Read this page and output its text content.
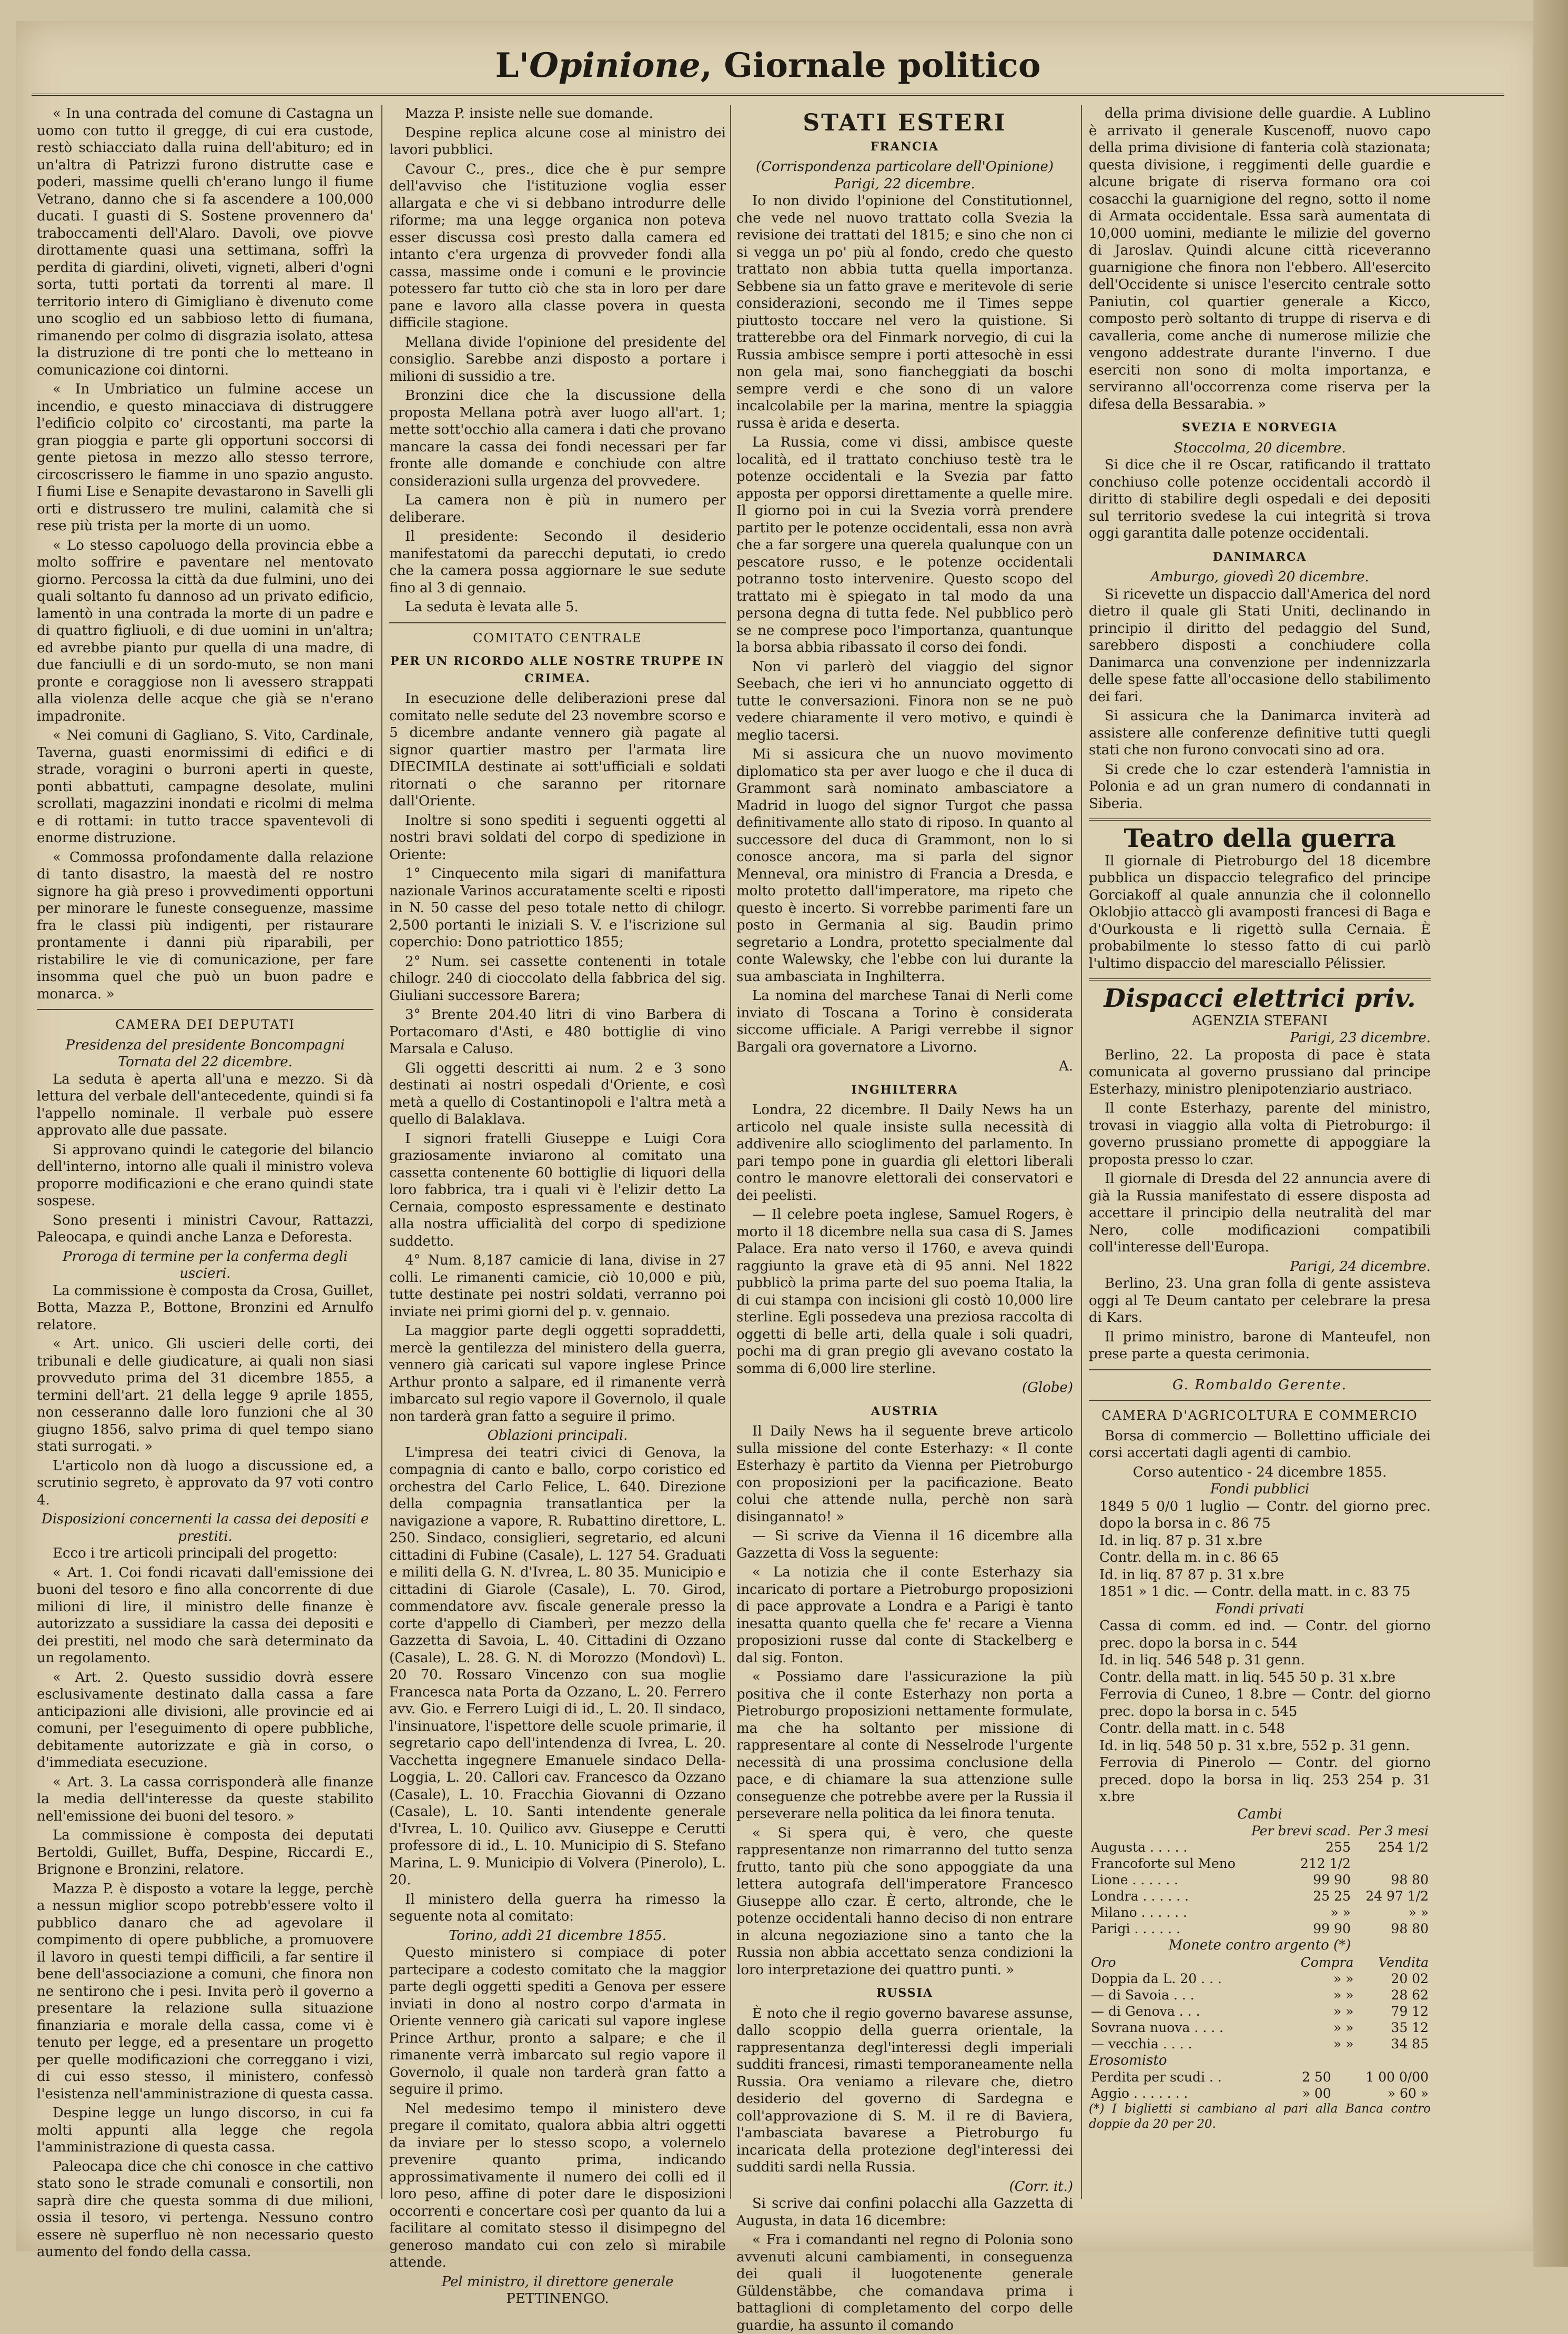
L'Opinione, Giornale politico

« In una contrada del comune di Castagna un uomo con tutto il gregge, di cui era custode, restò schiacciato dalla ruina dell'abituro; ed in un'altra di Patrizzi furono distrutte case e poderi, massime quelli ch'erano lungo il fiume Vetrano, danno che si fa ascendere a 100,000 ducati. I guasti di S. Sostene provennero da' traboccamenti dell'Alaro. Davoli, ove piovve dirottamente quasi una settimana, soffrì la perdita di giardini, oliveti, vigneti, alberi d'ogni sorta, tutti portati da torrenti al mare. Il territorio intero di Gimigliano è divenuto come uno scoglio ed un sabbioso letto di fiumana, rimanendo per colmo di disgrazia isolato, attesa la distruzione di tre ponti che lo metteano in comunicazione coi dintorni.

« In Umbriatico un fulmine accese un incendio, e questo minacciava di distruggere l'edificio colpito co' circostanti, ma parte la gran pioggia e parte gli opportuni soccorsi di gente pietosa in mezzo allo stesso terrore, circoscrissero le fiamme in uno spazio angusto. I fiumi Lise e Senapite devastarono in Savelli gli orti e distrussero tre mulini, calamità che si rese più trista per la morte di un uomo.

« Lo stesso capoluogo della provincia ebbe a molto soffrire e paventare nel mentovato giorno. Percossa la città da due fulmini, uno dei quali soltanto fu dannoso ad un privato edificio, lamentò in una contrada la morte di un padre e di quattro figliuoli, e di due uomini in un'altra; ed avrebbe pianto pur quella di una madre, di due fanciulli e di un sordo-muto, se non mani pronte e coraggiose non li avessero strappati alla violenza delle acque che già se n'erano impadronite.

« Nei comuni di Gagliano, S. Vito, Cardinale, Taverna, guasti enormissimi di edifici e di strade, voragini o burroni aperti in queste, ponti abbattuti, campagne desolate, mulini scrollati, magazzini inondati e ricolmi di melma e di rottami: in tutto tracce spaventevoli di enorme distruzione.

« Commossa profondamente dalla relazione di tanto disastro, la maestà del re nostro signore ha già preso i provvedimenti opportuni per minorare le funeste conseguenze, massime fra le classi più indigenti, per ristaurare prontamente i danni più riparabili, per ristabilire le vie di comunicazione, per fare insomma quel che può un buon padre e monarca. »

CAMERA DEI DEPUTATI
Presidenza del presidente Boncompagni
Tornata del 22 dicembre.

La seduta è aperta all'una e mezzo. Si dà lettura del verbale dell'antecedente, quindi si fa l'appello nominale. Il verbale può essere approvato alle due passate.

Si approvano quindi le categorie del bilancio dell'interno, intorno alle quali il ministro voleva proporre modificazioni e che erano quindi state sospese.

Sono presenti i ministri Cavour, Rattazzi, Paleocapa, e quindi anche Lanza e Deforesta.

Proroga di termine per la conferma degli uscieri.

La commissione è composta da Crosa, Guillet, Botta, Mazza P., Bottone, Bronzini ed Arnulfo relatore.

« Art. unico. Gli uscieri delle corti, dei tribunali e delle giudicature, ai quali non siasi provveduto prima del 31 dicembre 1855, a termini dell'art. 21 della legge 9 aprile 1855, non cesseranno dalle loro funzioni che al 30 giugno 1856, salvo prima di quel tempo siano stati surrogati. »

L'articolo non dà luogo a discussione ed, a scrutinio segreto, è approvato da 97 voti contro 4.

Disposizioni concernenti la cassa dei depositi e prestiti.

Ecco i tre articoli principali del progetto:

« Art. 1. Coi fondi ricavati dall'emissione dei buoni del tesoro e fino alla concorrente di due milioni di lire, il ministro delle finanze è autorizzato a sussidiare la cassa dei depositi e dei prestiti, nel modo che sarà determinato da un regolamento.

« Art. 2. Questo sussidio dovrà essere esclusivamente destinato dalla cassa a fare anticipazioni alle divisioni, alle provincie ed ai comuni, per l'eseguimento di opere pubbliche, debitamente autorizzate e già in corso, o d'immediata esecuzione.

« Art. 3. La cassa corrisponderà alle finanze la media dell'interesse da queste stabilito nell'emissione dei buoni del tesoro. »

La commissione è composta dei deputati Bertoldi, Guillet, Buffa, Despine, Riccardi E., Brignone e Bronzini, relatore.

Mazza P. è disposto a votare la legge, perchè a nessun miglior scopo potrebb'essere volto il pubblico danaro che ad agevolare il compimento di opere pubbliche, a promuovere il lavoro in questi tempi difficili, a far sentire il bene dell'associazione a comuni, che finora non ne sentirono che i pesi. Invita però il governo a presentare la relazione sulla situazione finanziaria e morale della cassa, come vi è tenuto per legge, ed a presentare un progetto per quelle modificazioni che correggano i vizi, di cui esso stesso, il ministero, confessò l'esistenza nell'amministrazione di questa cassa.

Despine legge un lungo discorso, in cui fa molti appunti alla legge che regola l'amministrazione di questa cassa.

Paleocapa dice che chi conosce in che cattivo stato sono le strade comunali e consortili, non saprà dire che questa somma di due milioni, ossia il tesoro, vi pertenga. Nessuno contro essere nè superfluo nè non necessario questo aumento del fondo della cassa.

Mazza P. insiste nelle sue domande.

Despine replica alcune cose al ministro dei lavori pubblici.

Cavour C., pres., dice che è pur sempre dell'avviso che l'istituzione voglia esser allargata e che vi si debbano introdurre delle riforme; ma una legge organica non poteva esser discussa così presto dalla camera ed intanto c'era urgenza di provveder fondi alla cassa, massime onde i comuni e le provincie potessero far tutto ciò che sta in loro per dare pane e lavoro alla classe povera in questa difficile stagione.

Mellana divide l'opinione del presidente del consiglio. Sarebbe anzi disposto a portare i milioni di sussidio a tre.

Bronzini dice che la discussione della proposta Mellana potrà aver luogo all'art. 1; mette sott'occhio alla camera i dati che provano mancare la cassa dei fondi necessari per far fronte alle domande e conchiude con altre considerazioni sulla urgenza del provvedere.

La camera non è più in numero per deliberare.

Il presidente: Secondo il desiderio manifestatomi da parecchi deputati, io credo che la camera possa aggiornare le sue sedute fino al 3 di gennaio.

La seduta è levata alle 5.

COMITATO CENTRALE
PER UN RICORDO ALLE NOSTRE TRUPPE IN CRIMEA.

In esecuzione delle deliberazioni prese dal comitato nelle sedute del 23 novembre scorso e 5 dicembre andante vennero già pagate al signor quartier mastro per l'armata lire DIECIMILA destinate ai sott'ufficiali e soldati ritornati o che saranno per ritornare dall'Oriente.

Inoltre si sono spediti i seguenti oggetti al nostri bravi soldati del corpo di spedizione in Oriente:

1° Cinquecento mila sigari di manifattura nazionale Varinos accuratamente scelti e riposti in N. 50 casse del peso totale netto di chilogr. 2,500 portanti le iniziali S. V. e l'iscrizione sul coperchio: Dono patriottico 1855;

2° Num. sei cassette contenenti in totale chilogr. 240 di cioccolato della fabbrica del sig. Giuliani successore Barera;

3° Brente 204.40 litri di vino Barbera di Portacomaro d'Asti, e 480 bottiglie di vino Marsala e Caluso.

Gli oggetti descritti ai num. 2 e 3 sono destinati ai nostri ospedali d'Oriente, e così metà a quello di Costantinopoli e l'altra metà a quello di Balaklava.

I signori fratelli Giuseppe e Luigi Cora graziosamente inviarono al comitato una cassetta contenente 60 bottiglie di liquori della loro fabbrica, tra i quali vi è l'elizir detto La Cernaia, composto espressamente e destinato alla nostra ufficialità del corpo di spedizione suddetto.

4° Num. 8,187 camicie di lana, divise in 27 colli. Le rimanenti camicie, ciò 10,000 e più, tutte destinate pei nostri soldati, verranno poi inviate nei primi giorni del p. v. gennaio.

La maggior parte degli oggetti sopraddetti, mercè la gentilezza del ministero della guerra, vennero già caricati sul vapore inglese Prince Arthur pronto a salpare, ed il rimanente verrà imbarcato sul regio vapore il Governolo, il quale non tarderà gran fatto a seguire il primo.

Oblazioni principali.

L'impresa dei teatri civici di Genova, la compagnia di canto e ballo, corpo coristico ed orchestra del Carlo Felice, L. 640. Direzione della compagnia transatlantica per la navigazione a vapore, R. Rubattino direttore, L. 250. Sindaco, consiglieri, segretario, ed alcuni cittadini di Fubine (Casale), L. 127 54. Graduati e militi della G. N. d'Ivrea, L. 80 35. Municipio e cittadini di Giarole (Casale), L. 70. Girod, commendatore avv. fiscale generale presso la corte d'appello di Ciamberì, per mezzo della Gazzetta di Savoia, L. 40. Cittadini di Ozzano (Casale), L. 28. G. N. di Morozzo (Mondovì) L. 20 70. Rossaro Vincenzo con sua moglie Francesca nata Porta da Ozzano, L. 20. Ferrero avv. Gio. e Ferrero Luigi di id., L. 20. Il sindaco, l'insinuatore, l'ispettore delle scuole primarie, il segretario capo dell'intendenza di Ivrea, L. 20. Vacchetta ingegnere Emanuele sindaco Della-Loggia, L. 20. Callori cav. Francesco da Ozzano (Casale), L. 10. Fracchia Giovanni di Ozzano (Casale), L. 10. Santi intendente generale d'Ivrea, L. 10. Quilico avv. Giuseppe e Cerutti professore di id., L. 10. Municipio di S. Stefano Marina, L. 9. Municipio di Volvera (Pinerolo), L. 20.

Il ministero della guerra ha rimesso la seguente nota al comitato:

Torino, addì 21 dicembre 1855.

Questo ministero si compiace di poter partecipare a codesto comitato che la maggior parte degli oggetti spediti a Genova per essere inviati in dono al nostro corpo d'armata in Oriente vennero già caricati sul vapore inglese Prince Arthur, pronto a salpare; e che il rimanente verrà imbarcato sul regio vapore il Governolo, il quale non tarderà gran fatto a seguire il primo.

Nel medesimo tempo il ministero deve pregare il comitato, qualora abbia altri oggetti da inviare per lo stesso scopo, a volernelo prevenire quanto prima, indicando approssimativamente il numero dei colli ed il loro peso, affine di poter dare le disposizioni occorrenti e concertare così per quanto da lui a facilitare al comitato stesso il disimpegno del generoso mandato cui con zelo sì mirabile attende.

Pel ministro, il direttore generale
PETTINENGO.
STATI ESTERI
FRANCIA
(Corrispondenza particolare dell'Opinione)
Parigi, 22 dicembre.

Io non divido l'opinione del Constitutionnel, che vede nel nuovo trattato colla Svezia la revisione dei trattati del 1815; e sino che non ci si vegga un po' più al fondo, credo che questo trattato non abbia tutta quella importanza. Sebbene sia un fatto grave e meritevole di serie considerazioni, secondo me il Times seppe piuttosto toccare nel vero la quistione. Si tratterebbe ora del Finmark norvegio, di cui la Russia ambisce sempre i porti attesochè in essi non gela mai, sono fiancheggiati da boschi sempre verdi e che sono di un valore incalcolabile per la marina, mentre la spiaggia russa è arida e deserta.

La Russia, come vi dissi, ambisce queste località, ed il trattato conchiuso testè tra le potenze occidentali e la Svezia par fatto apposta per opporsi direttamente a quelle mire. Il giorno poi in cui la Svezia vorrà prendere partito per le potenze occidentali, essa non avrà che a far sorgere una querela qualunque con un pescatore russo, e le potenze occidentali potranno tosto intervenire. Questo scopo del trattato mi è spiegato in tal modo da una persona degna di tutta fede. Nel pubblico però se ne comprese poco l'importanza, quantunque la borsa abbia ribassato il corso dei fondi.

Non vi parlerò del viaggio del signor Seebach, che ieri vi ho annunciato oggetto di tutte le conversazioni. Finora non se ne può vedere chiaramente il vero motivo, e quindi è meglio tacersi.

Mi si assicura che un nuovo movimento diplomatico sta per aver luogo e che il duca di Grammont sarà nominato ambasciatore a Madrid in luogo del signor Turgot che passa definitivamente allo stato di riposo. In quanto al successore del duca di Grammont, non lo si conosce ancora, ma si parla del signor Menneval, ora ministro di Francia a Dresda, e molto protetto dall'imperatore, ma ripeto che questo è incerto. Si vorrebbe parimenti fare un posto in Germania al sig. Baudin primo segretario a Londra, protetto specialmente dal conte Walewsky, che l'ebbe con lui durante la sua ambasciata in Inghilterra.

La nomina del marchese Tanai di Nerli come inviato di Toscana a Torino è considerata siccome ufficiale. A Parigi verrebbe il signor Bargali ora governatore a Livorno.

A.
INGHILTERRA

Londra, 22 dicembre. Il Daily News ha un articolo nel quale insiste sulla necessità di addivenire allo scioglimento del parlamento. In pari tempo pone in guardia gli elettori liberali contro le manovre elettorali dei conservatori e dei peelisti.

— Il celebre poeta inglese, Samuel Rogers, è morto il 18 dicembre nella sua casa di S. James Palace. Era nato verso il 1760, e aveva quindi raggiunto la grave età di 95 anni. Nel 1822 pubblicò la prima parte del suo poema Italia, la di cui stampa con incisioni gli costò 10,000 lire sterline. Egli possedeva una preziosa raccolta di oggetti di belle arti, della quale i soli quadri, pochi ma di gran pregio gli avevano costato la somma di 6,000 lire sterline.

(Globe)
AUSTRIA

Il Daily News ha il seguente breve articolo sulla missione del conte Esterhazy: « Il conte Esterhazy è partito da Vienna per Pietroburgo con proposizioni per la pacificazione. Beato colui che attende nulla, perchè non sarà disingannato! »

— Si scrive da Vienna il 16 dicembre alla Gazzetta di Voss la seguente:

« La notizia che il conte Esterhazy sia incaricato di portare a Pietroburgo proposizioni di pace approvate a Londra e a Parigi è tanto inesatta quanto quella che fe' recare a Vienna proposizioni russe dal conte di Stackelberg e dal sig. Fonton.

« Possiamo dare l'assicurazione la più positiva che il conte Esterhazy non porta a Pietroburgo proposizioni nettamente formulate, ma che ha soltanto per missione di rappresentare al conte di Nesselrode l'urgente necessità di una prossima conclusione della pace, e di chiamare la sua attenzione sulle conseguenze che potrebbe avere per la Russia il perseverare nella politica da lei finora tenuta.

« Si spera qui, è vero, che queste rappresentanze non rimarranno del tutto senza frutto, tanto più che sono appoggiate da una lettera autografa dell'imperatore Francesco Giuseppe allo czar. È certo, altronde, che le potenze occidentali hanno deciso di non entrare in alcuna negoziazione sino a tanto che la Russia non abbia accettato senza condizioni la loro interpretazione dei quattro punti. »

RUSSIA

È noto che il regio governo bavarese assunse, dallo scoppio della guerra orientale, la rappresentanza degl'interessi degli imperiali sudditi francesi, rimasti temporaneamente nella Russia. Ora veniamo a rilevare che, dietro desiderio del governo di Sardegna e coll'approvazione di S. M. il re di Baviera, l'ambasciata bavarese a Pietroburgo fu incaricata della protezione degl'interessi dei sudditi sardi nella Russia.

(Corr. it.)

Si scrive dai confini polacchi alla Gazzetta di Augusta, in data 16 dicembre:

« Fra i comandanti nel regno di Polonia sono avvenuti alcuni cambiamenti, in conseguenza dei quali il luogotenente generale Güldenstäbbe, che comandava prima i battaglioni di completamento del corpo delle guardie, ha assunto il comando

della prima divisione delle guardie. A Lublino è arrivato il generale Kuscenoff, nuovo capo della prima divisione di fanteria colà stazionata; questa divisione, i reggimenti delle guardie e alcune brigate di riserva formano ora coi cosacchi la guarnigione del regno, sotto il nome di Armata occidentale. Essa sarà aumentata di 10,000 uomini, mediante le milizie del governo di Jaroslav. Quindi alcune città riceveranno guarnigione che finora non l'ebbero. All'esercito dell'Occidente si unisce l'esercito centrale sotto Paniutin, col quartier generale a Kicco, composto però soltanto di truppe di riserva e di cavalleria, come anche di numerose milizie che vengono addestrate durante l'inverno. I due eserciti non sono di molta importanza, e serviranno all'occorrenza come riserva per la difesa della Bessarabia. »

SVEZIA E NORVEGIA
Stoccolma, 20 dicembre.

Si dice che il re Oscar, ratificando il trattato conchiuso colle potenze occidentali accordò il diritto di stabilire degli ospedali e dei depositi sul territorio svedese la cui integrità si trova oggi garantita dalle potenze occidentali.

DANIMARCA
Amburgo, giovedì 20 dicembre.

Si ricevette un dispaccio dall'America del nord dietro il quale gli Stati Uniti, declinando in principio il diritto del pedaggio del Sund, sarebbero disposti a conchiudere colla Danimarca una convenzione per indennizzarla delle spese fatte all'occasione dello stabilimento dei fari.

Si assicura che la Danimarca inviterà ad assistere alle conferenze definitive tutti quegli stati che non furono convocati sino ad ora.

Si crede che lo czar estenderà l'amnistia in Polonia e ad un gran numero di condannati in Siberia.

Teatro della guerra

Il giornale di Pietroburgo del 18 dicembre pubblica un dispaccio telegrafico del principe Gorciakoff al quale annunzia che il colonnello Oklobjio attaccò gli avamposti francesi di Baga e d'Ourkousta e li rigettò sulla Cernaia. È probabilmente lo stesso fatto di cui parlò l'ultimo dispaccio del maresciallo Pélissier.

Dispacci elettrici priv.
AGENZIA STEFANI
Parigi, 23 dicembre.

Berlino, 22. La proposta di pace è stata comunicata al governo prussiano dal principe Esterhazy, ministro plenipotenziario austriaco.

Il conte Esterhazy, parente del ministro, trovasi in viaggio alla volta di Pietroburgo: il governo prussiano promette di appoggiare la proposta presso lo czar.

Il giornale di Dresda del 22 annuncia avere di già la Russia manifestato di essere disposta ad accettare il principio della neutralità del mar Nero, colle modificazioni compatibili coll'interesse dell'Europa.

Parigi, 24 dicembre.

Berlino, 23. Una gran folla di gente assisteva oggi al Te Deum cantato per celebrare la presa di Kars.

Il primo ministro, barone di Manteufel, non prese parte a questa cerimonia.

G. Rombaldo Gerente.
CAMERA D'AGRICOLTURA E COMMERCIO

Borsa di commercio — Bollettino ufficiale dei corsi accertati dagli agenti di cambio.

Corso autentico - 24 dicembre 1855.
Fondi pubblici
1849 5 0/0 1 luglio — Contr. del giorno prec. dopo la borsa in c. 86 75
Id. in liq. 87 p. 31 x.bre
Contr. della m. in c. 86 65
Id. in liq. 87 87 p. 31 x.bre
1851 » 1 dic. — Contr. della matt. in c. 83 75
Fondi privati
Cassa di comm. ed ind. — Contr. del giorno prec. dopo la borsa in c. 544
Id. in liq. 546 548 p. 31 genn.
Contr. della matt. in liq. 545 50 p. 31 x.bre
Ferrovia di Cuneo, 1 8.bre — Contr. del giorno prec. dopo la borsa in c. 545
Contr. della matt. in c. 548
Id. in liq. 548 50 p. 31 x.bre, 552 p. 31 genn.
Ferrovia di Pinerolo — Contr. del giorno preced. dopo la borsa in liq. 253 254 p. 31 x.bre
Cambi
	Per brevi scad.	Per 3 mesi
Augusta . . . . .	255	254 1/2
Francoforte sul Meno	212 1/2	
Lione . . . . . .	99 90	98 80
Londra . . . . . .	25 25	24 97 1/2
Milano . . . . . .	» »	» »
Parigi . . . . . .	99 90	98 80
Monete contro argento (*)
Oro	Compra	Vendita
Doppia da L. 20 . . .	» »	20 02
— di Savoia . . .	» »	28 62
— di Genova . . .	» »	79 12
Sovrana nuova . . . .	» »	35 12
— vecchia . . . .	» »	34 85
Erosomisto
Perdita per scudi . .	2 50	1 00 0/00
Aggio . . . . . . .	» 00	» 60 »
(*) I biglietti si cambiano al pari alla Banca contro doppie da 20 per 20.
